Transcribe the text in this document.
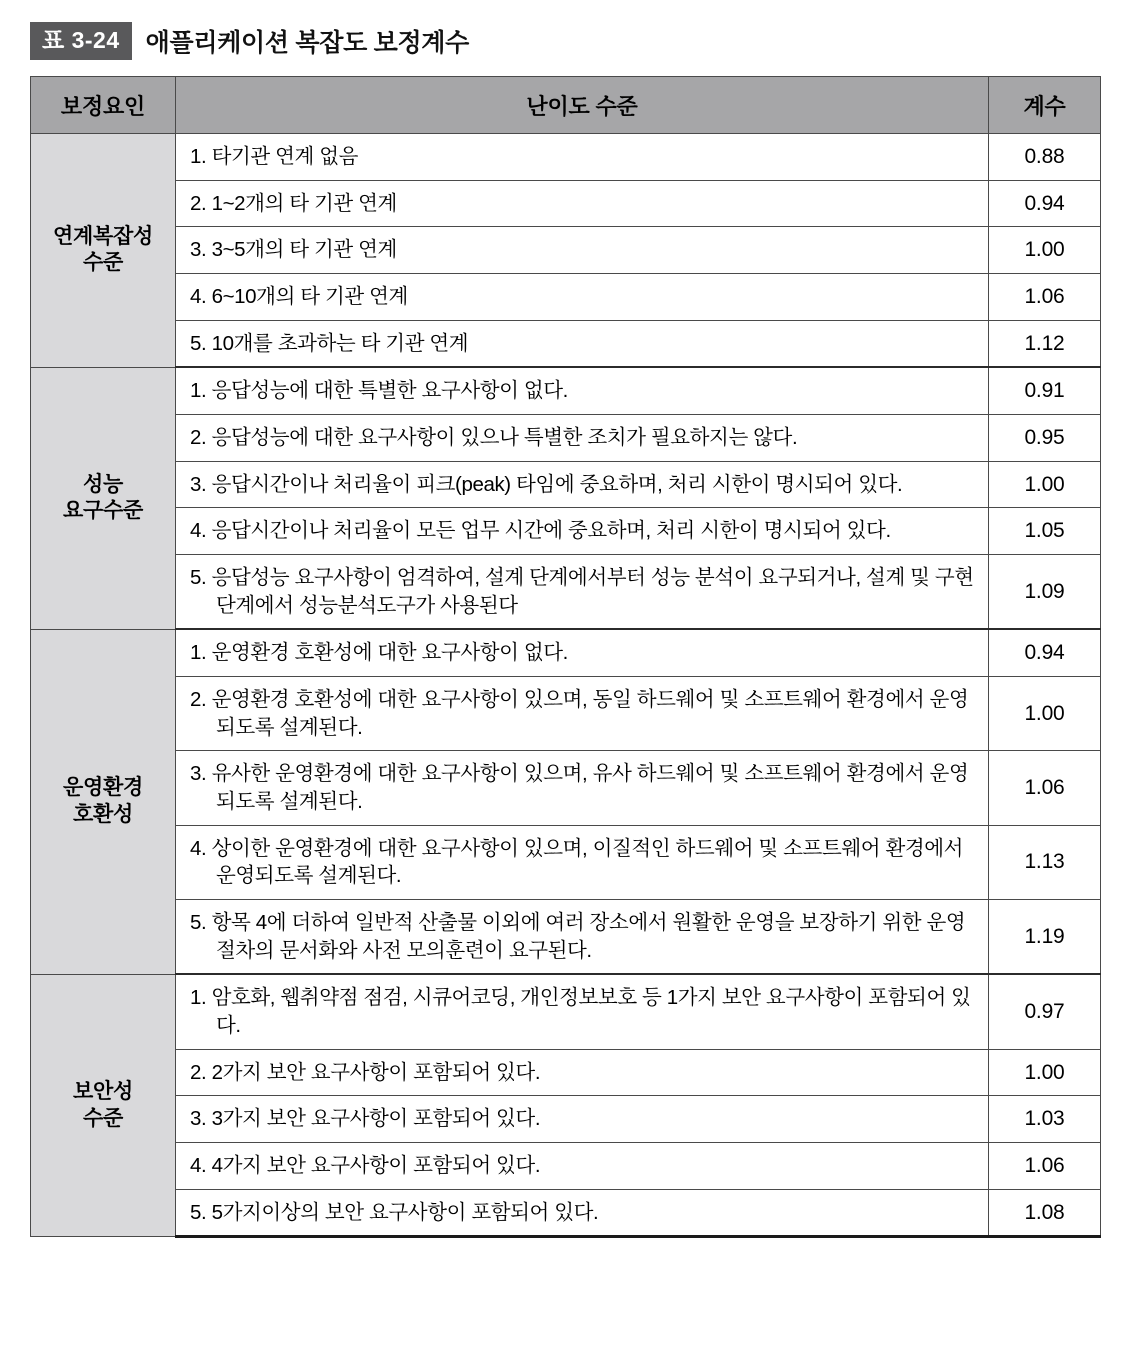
표 3-24	애플리케이션 복잡도 보정계수
보정요인	난이도 수준	계수
연계복잡성
수준	1. 타기관 연계 없음	0.88

	2. 1~2개의 타 기관 연계	0.94

	3. 3~5개의 타 기관 연계	1.00

	4. 6~10개의 타 기관 연계	1.06

	5. 10개를 초과하는 타 기관 연계	1.12
성능
요구수준	1. 응답성능에 대한 특별한 요구사항이 없다.	0.91

	2. 응답성능에 대한 요구사항이 있으나 특별한 조치가 필요하지는 않다.	0.95

	3. 응답시간이나 처리율이 피크(peak) 타임에 중요하며, 처리 시한이 명시되어 있다.	1.00

	4. 응답시간이나 처리율이 모든 업무 시간에 중요하며, 처리 시한이 명시되어 있다.	1.05

	5. 응답성능 요구사항이 엄격하여, 설계 단계에서부터 성능 분석이 요구되거나, 설계 및 구현단계에서 성능분석도구가 사용된다	1.09
운영환경
호환성	1. 운영환경 호환성에 대한 요구사항이 없다.	0.94

	2. 운영환경 호환성에 대한 요구사항이 있으며, 동일 하드웨어 및 소프트웨어 환경에서 운영되도록 설계된다.	1.00

	3. 유사한 운영환경에 대한 요구사항이 있으며, 유사 하드웨어 및 소프트웨어 환경에서 운영되도록 설계된다.	1.06

	4. 상이한 운영환경에 대한 요구사항이 있으며, 이질적인 하드웨어 및 소프트웨어 환경에서 운영되도록 설계된다.	1.13

	5. 항목 4에 더하여 일반적 산출물 이외에 여러 장소에서 원활한 운영을 보장하기 위한 운영 절차의 문서화와 사전 모의훈련이 요구된다.	1.19
보안성
수준	1. 암호화, 웹취약점 점검, 시큐어코딩, 개인정보보호 등 1가지 보안 요구사항이 포함되어 있다.	0.97

	2. 2가지 보안 요구사항이 포함되어 있다.	1.00

	3. 3가지 보안 요구사항이 포함되어 있다.	1.03

	4. 4가지 보안 요구사항이 포함되어 있다.	1.06

	5. 5가지이상의 보안 요구사항이 포함되어 있다.	1.08
